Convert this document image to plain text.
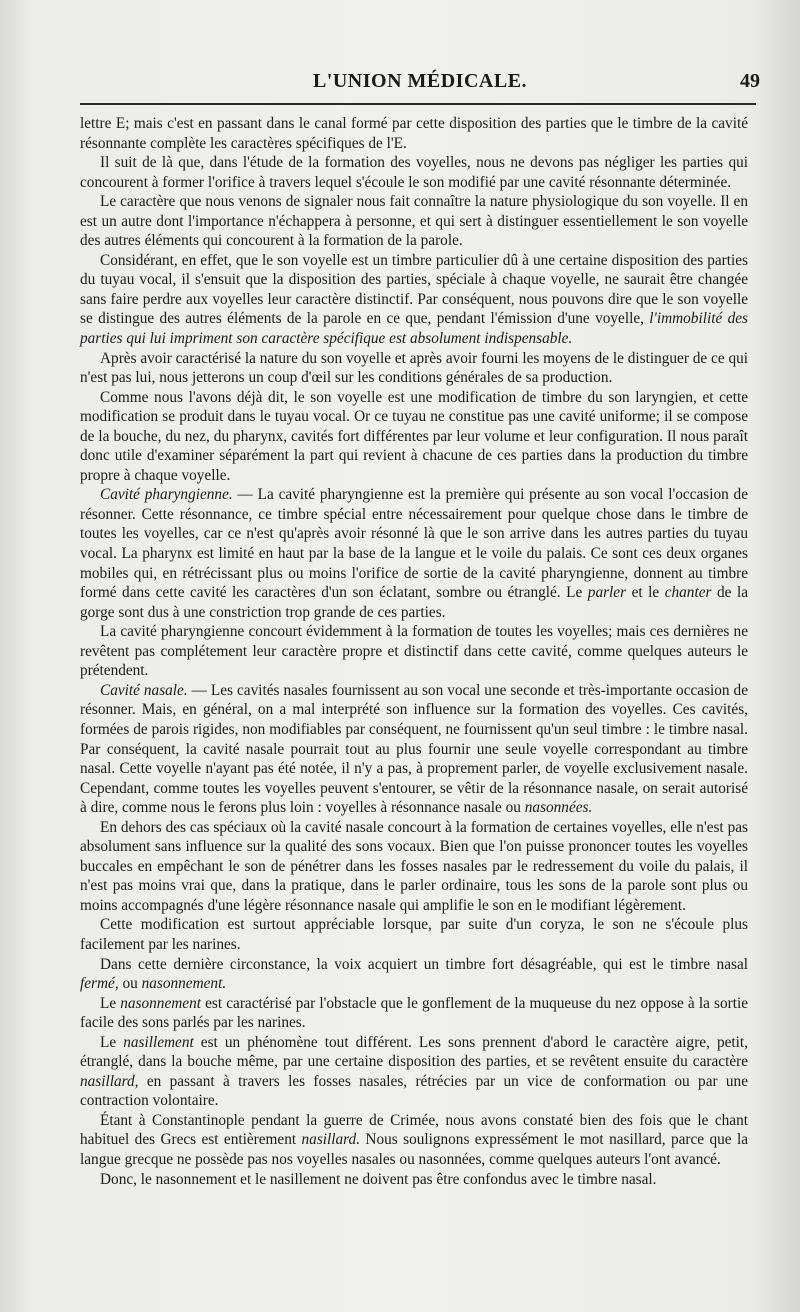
L'UNION MÉDICALE.	49

lettre E; mais c'est en passant dans le canal formé par cette disposition des parties que le timbre de la cavité résonnante complète les caractères spécifiques de l'E.

Il suit de là que, dans l'étude de la formation des voyelles, nous ne devons pas négliger les parties qui concourent à former l'orifice à travers lequel s'écoule le son modifié par une cavité résonnante déterminée.

Le caractère que nous venons de signaler nous fait connaître la nature physiologique du son voyelle. Il en est un autre dont l'importance n'échappera à personne, et qui sert à distinguer essentiellement le son voyelle des autres éléments qui concourent à la formation de la parole.

Considérant, en effet, que le son voyelle est un timbre particulier dû à une certaine disposition des parties du tuyau vocal, il s'ensuit que la disposition des parties, spéciale à chaque voyelle, ne saurait être changée sans faire perdre aux voyelles leur caractère distinctif. Par conséquent, nous pouvons dire que le son voyelle se distingue des autres éléments de la parole en ce que, pendant l'émission d'une voyelle, l'immobilité des parties qui lui impriment son caractère spécifique est absolument indispensable.

Après avoir caractérisé la nature du son voyelle et après avoir fourni les moyens de le distinguer de ce qui n'est pas lui, nous jetterons un coup d'œil sur les conditions générales de sa production.

Comme nous l'avons déjà dit, le son voyelle est une modification de timbre du son laryngien, et cette modification se produit dans le tuyau vocal. Or ce tuyau ne constitue pas une cavité uniforme; il se compose de la bouche, du nez, du pharynx, cavités fort différentes par leur volume et leur configuration. Il nous paraît donc utile d'examiner séparément la part qui revient à chacune de ces parties dans la production du timbre propre à chaque voyelle.

Cavité pharyngienne. — La cavité pharyngienne est la première qui présente au son vocal l'occasion de résonner. Cette résonnance, ce timbre spécial entre nécessairement pour quelque chose dans le timbre de toutes les voyelles, car ce n'est qu'après avoir résonné là que le son arrive dans les autres parties du tuyau vocal. La pharynx est limité en haut par la base de la langue et le voile du palais. Ce sont ces deux organes mobiles qui, en rétrécissant plus ou moins l'orifice de sortie de la cavité pharyngienne, donnent au timbre formé dans cette cavité les caractères d'un son éclatant, sombre ou étranglé. Le parler et le chanter de la gorge sont dus à une constriction trop grande de ces parties.

La cavité pharyngienne concourt évidemment à la formation de toutes les voyelles; mais ces dernières ne revêtent pas complétement leur caractère propre et distinctif dans cette cavité, comme quelques auteurs le prétendent.

Cavité nasale. — Les cavités nasales fournissent au son vocal une seconde et très-importante occasion de résonner. Mais, en général, on a mal interprété son influence sur la formation des voyelles. Ces cavités, formées de parois rigides, non modifiables par conséquent, ne fournissent qu'un seul timbre : le timbre nasal. Par conséquent, la cavité nasale pourrait tout au plus fournir une seule voyelle correspondant au timbre nasal. Cette voyelle n'ayant pas été notée, il n'y a pas, à proprement parler, de voyelle exclusivement nasale. Cependant, comme toutes les voyelles peuvent s'entourer, se vêtir de la résonnance nasale, on serait autorisé à dire, comme nous le ferons plus loin : voyelles à résonnance nasale ou nasonnées.

En dehors des cas spéciaux où la cavité nasale concourt à la formation de certaines voyelles, elle n'est pas absolument sans influence sur la qualité des sons vocaux. Bien que l'on puisse prononcer toutes les voyelles buccales en empêchant le son de pénétrer dans les fosses nasales par le redressement du voile du palais, il n'est pas moins vrai que, dans la pratique, dans le parler ordinaire, tous les sons de la parole sont plus ou moins accompagnés d'une légère résonnance nasale qui amplifie le son en le modifiant légèrement.

Cette modification est surtout appréciable lorsque, par suite d'un coryza, le son ne s'écoule plus facilement par les narines.

Dans cette dernière circonstance, la voix acquiert un timbre fort désagréable, qui est le timbre nasal fermé, ou nasonnement.

Le nasonnement est caractérisé par l'obstacle que le gonflement de la muqueuse du nez oppose à la sortie facile des sons parlés par les narines.

Le nasillement est un phénomène tout différent. Les sons prennent d'abord le caractère aigre, petit, étranglé, dans la bouche même, par une certaine disposition des parties, et se revêtent ensuite du caractère nasillard, en passant à travers les fosses nasales, rétrécies par un vice de conformation ou par une contraction volontaire.

Étant à Constantinople pendant la guerre de Crimée, nous avons constaté bien des fois que le chant habituel des Grecs est entièrement nasillard. Nous soulignons expressément le mot nasillard, parce que la langue grecque ne possède pas nos voyelles nasales ou nasonnées, comme quelques auteurs l'ont avancé.

Donc, le nasonnement et le nasillement ne doivent pas être confondus avec le timbre nasal.
